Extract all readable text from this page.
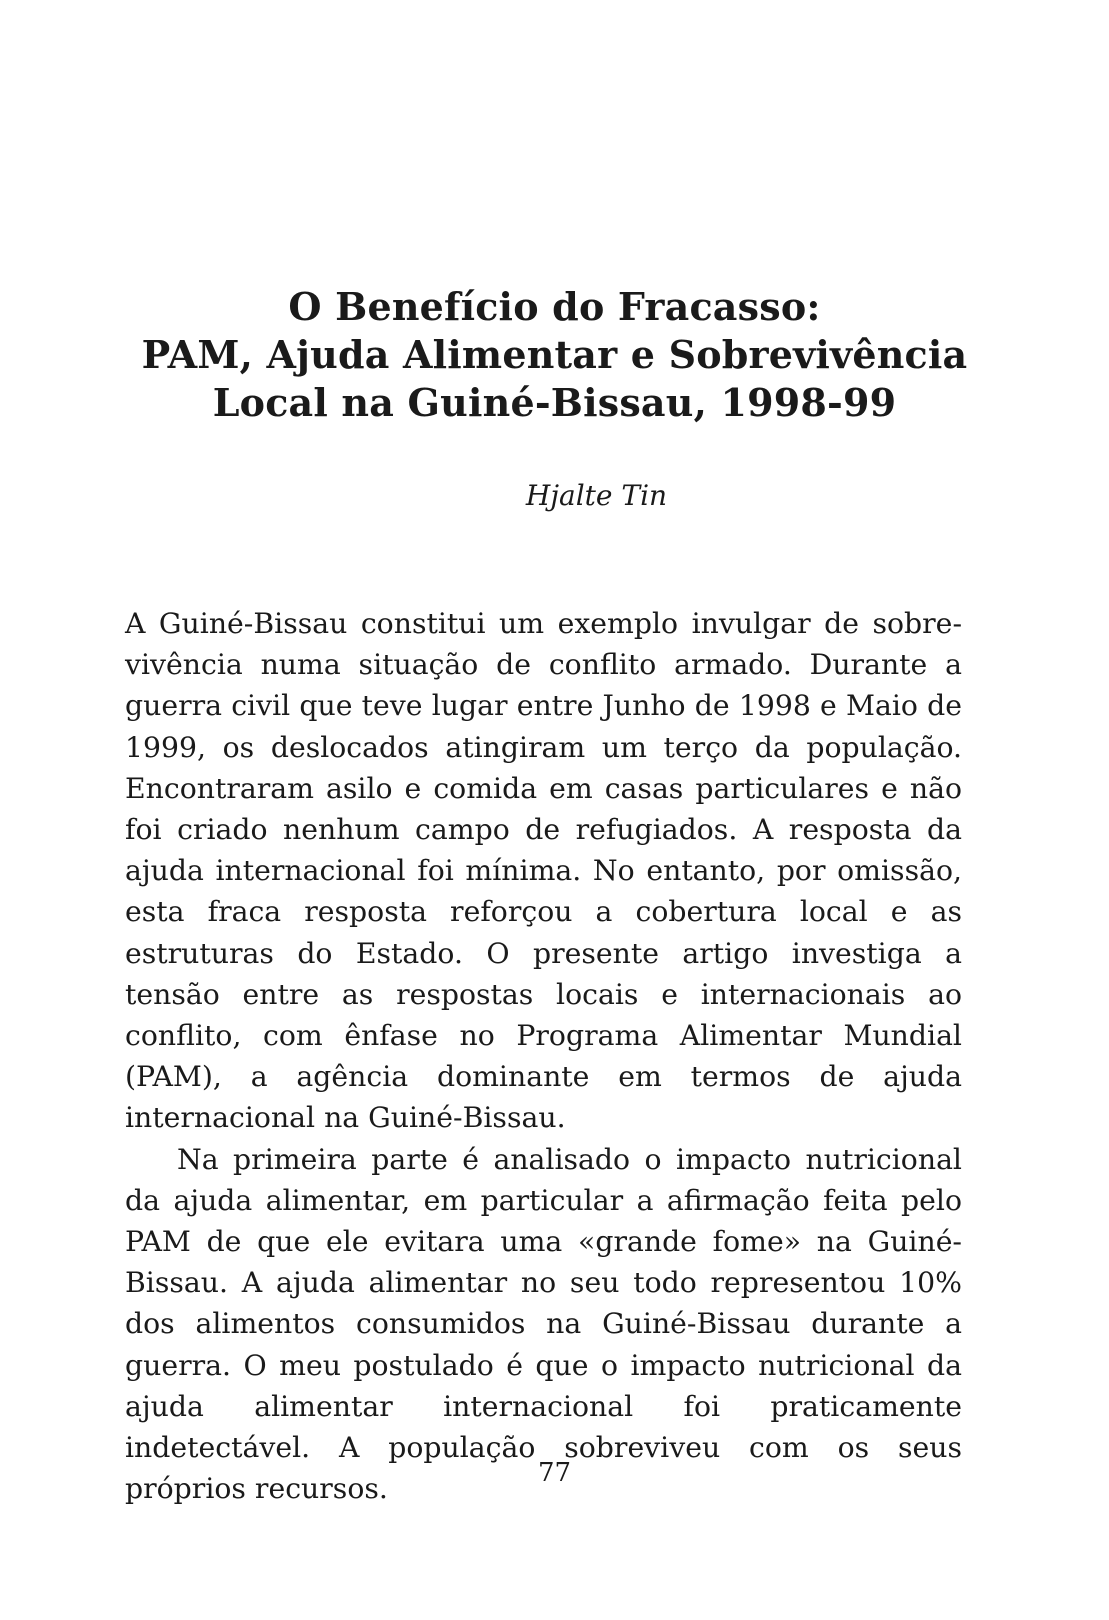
O Benefício do Fracasso:
PAM, Ajuda Alimentar e Sobrevivência
Local na Guiné-Bissau, 1998-99
Hjalte Tin

A Guiné-Bissau constitui um exemplo invulgar de sobrevivência numa situação de conflito armado. Durante a guerra civil que teve lugar entre Junho de 1998 e Maio de 1999, os deslocados atingiram um terço da população. Encontraram asilo e comida em casas particulares e não foi criado nenhum campo de refugiados. A resposta da ajuda internacional foi mínima. No entanto, por omissão, esta fraca resposta reforçou a cobertura local e as estruturas do Estado. O presente artigo investiga a tensão entre as respostas locais e internacionais ao conflito, com ênfase no Programa Alimentar Mundial (PAM), a agência dominante em termos de ajuda internacional na Guiné-Bissau.

Na primeira parte é analisado o impacto nutricional da ajuda alimentar, em particular a afirmação feita pelo PAM de que ele evitara uma «grande fome» na Guiné-Bissau. A ajuda alimentar no seu todo representou 10% dos alimentos consumidos na Guiné-Bissau durante a guerra. O meu postulado é que o impacto nutricional da ajuda alimentar internacional foi praticamente indetectável. A população sobreviveu com os seus próprios recursos.	77
